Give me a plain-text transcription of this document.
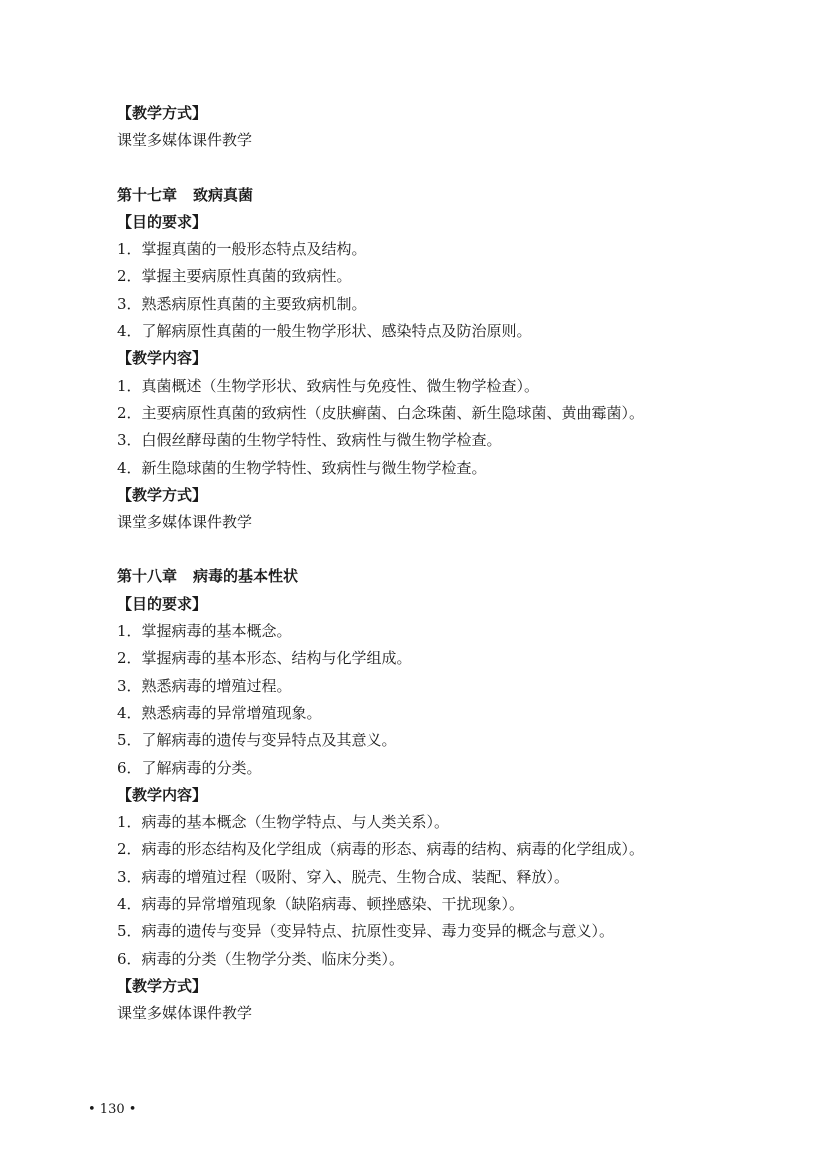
【教学方式】
课堂多媒体课件教学
第十七章 致病真菌
【目的要求】
1．掌握真菌的一般形态特点及结构。
2．掌握主要病原性真菌的致病性。
3．熟悉病原性真菌的主要致病机制。
4．了解病原性真菌的一般生物学形状、感染特点及防治原则。
【教学内容】
1．真菌概述（生物学形状、致病性与免疫性、微生物学检查）。
2．主要病原性真菌的致病性（皮肤癣菌、白念珠菌、新生隐球菌、黄曲霉菌）。
3．白假丝酵母菌的生物学特性、致病性与微生物学检查。
4．新生隐球菌的生物学特性、致病性与微生物学检查。
【教学方式】
课堂多媒体课件教学
第十八章 病毒的基本性状
【目的要求】
1．掌握病毒的基本概念。
2．掌握病毒的基本形态、结构与化学组成。
3．熟悉病毒的增殖过程。
4．熟悉病毒的异常增殖现象。
5．了解病毒的遗传与变异特点及其意义。
6．了解病毒的分类。
【教学内容】
1．病毒的基本概念（生物学特点、与人类关系）。
2．病毒的形态结构及化学组成（病毒的形态、病毒的结构、病毒的化学组成）。
3．病毒的增殖过程（吸附、穿入、脱壳、生物合成、装配、释放）。
4．病毒的异常增殖现象（缺陷病毒、顿挫感染、干扰现象）。
5．病毒的遗传与变异（变异特点、抗原性变异、毒力变异的概念与意义）。
6．病毒的分类（生物学分类、临床分类）。
【教学方式】
课堂多媒体课件教学
• 130 •
